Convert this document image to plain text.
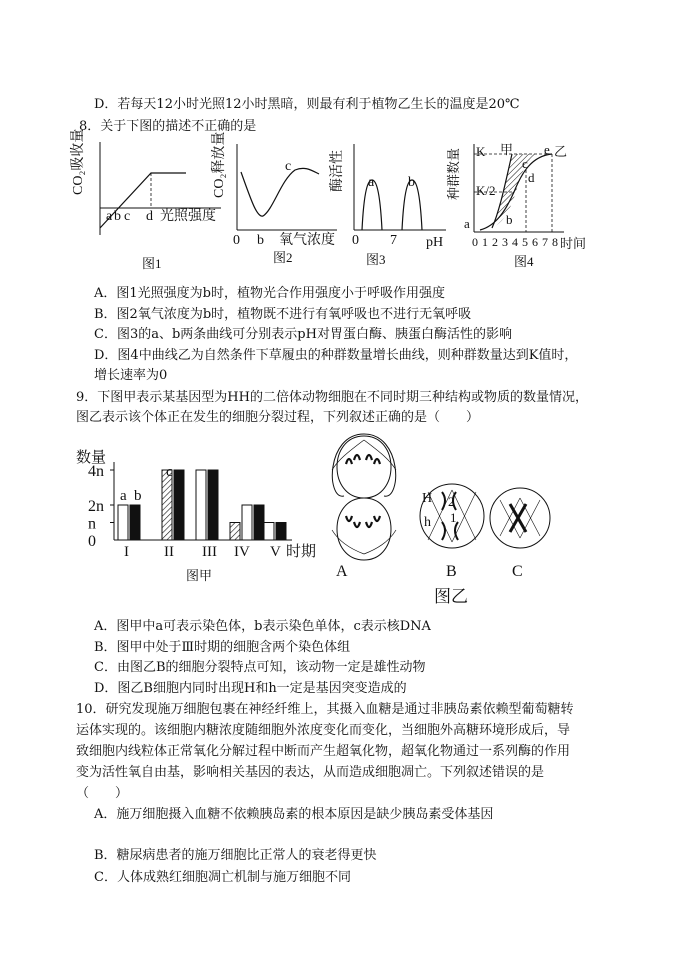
D．若每天12小时光照12小时黑暗，则最有利于植物乙生长的温度是20℃
8．关于下图的描述不正确的是
CO₂吸收量
a b c d 光照强度
图1
CO₂释放量
0 b
c
氧气浓度
图2
酶活性
0 7 pH
a b
图3
种群数量 K
K/2
甲 e 乙
d
c
b
a
0 1 2 3 4 5 6 7 8 时间
图4
A．图1光照强度为b时，植物光合作用强度小于呼吸作用强度
B．图2氧气浓度为b时，植物既不进行有氧呼吸也不进行无氧呼吸
C．图3的a、b两条曲线可分别表示pH对胃蛋白酶、胰蛋白酶活性的影响
D．图4中曲线乙为自然条件下草履虫的种群数量增长曲线，则种群数量达到K值时，
增长速率为0
9．下图甲表示某基因型为HH的二倍体动物细胞在不同时期三种结构或物质的数量情况，
图乙表示该个体正在发生的细胞分裂过程，下列叙述正确的是（　　）
数量
4n
2n
n
0
I II III IV V 时期
a b
c
图甲	A
H
h
2
1
B	C
图乙
A．图甲中a可表示染色体，b表示染色单体，c表示核DNA
B．图甲中处于Ⅲ时期的细胞含两个染色体组
C．由图乙B的细胞分裂特点可知，该动物一定是雄性动物
D．图乙B细胞内同时出现H和h一定是基因突变造成的
10．研究发现施万细胞包裹在神经纤维上，其摄入血糖是通过非胰岛素依赖型葡萄糖转
运体实现的。该细胞内糖浓度随细胞外浓度变化而变化，当细胞外高糖环境形成后，导
致细胞内线粒体正常氧化分解过程中断而产生超氧化物，超氧化物通过一系列酶的作用
变为活性氧自由基，影响相关基因的表达，从而造成细胞凋亡。下列叙述错误的是
（　　）
A．施万细胞摄入血糖不依赖胰岛素的根本原因是缺少胰岛素受体基因
B．糖尿病患者的施万细胞比正常人的衰老得更快
C．人体成熟红细胞凋亡机制与施万细胞不同
